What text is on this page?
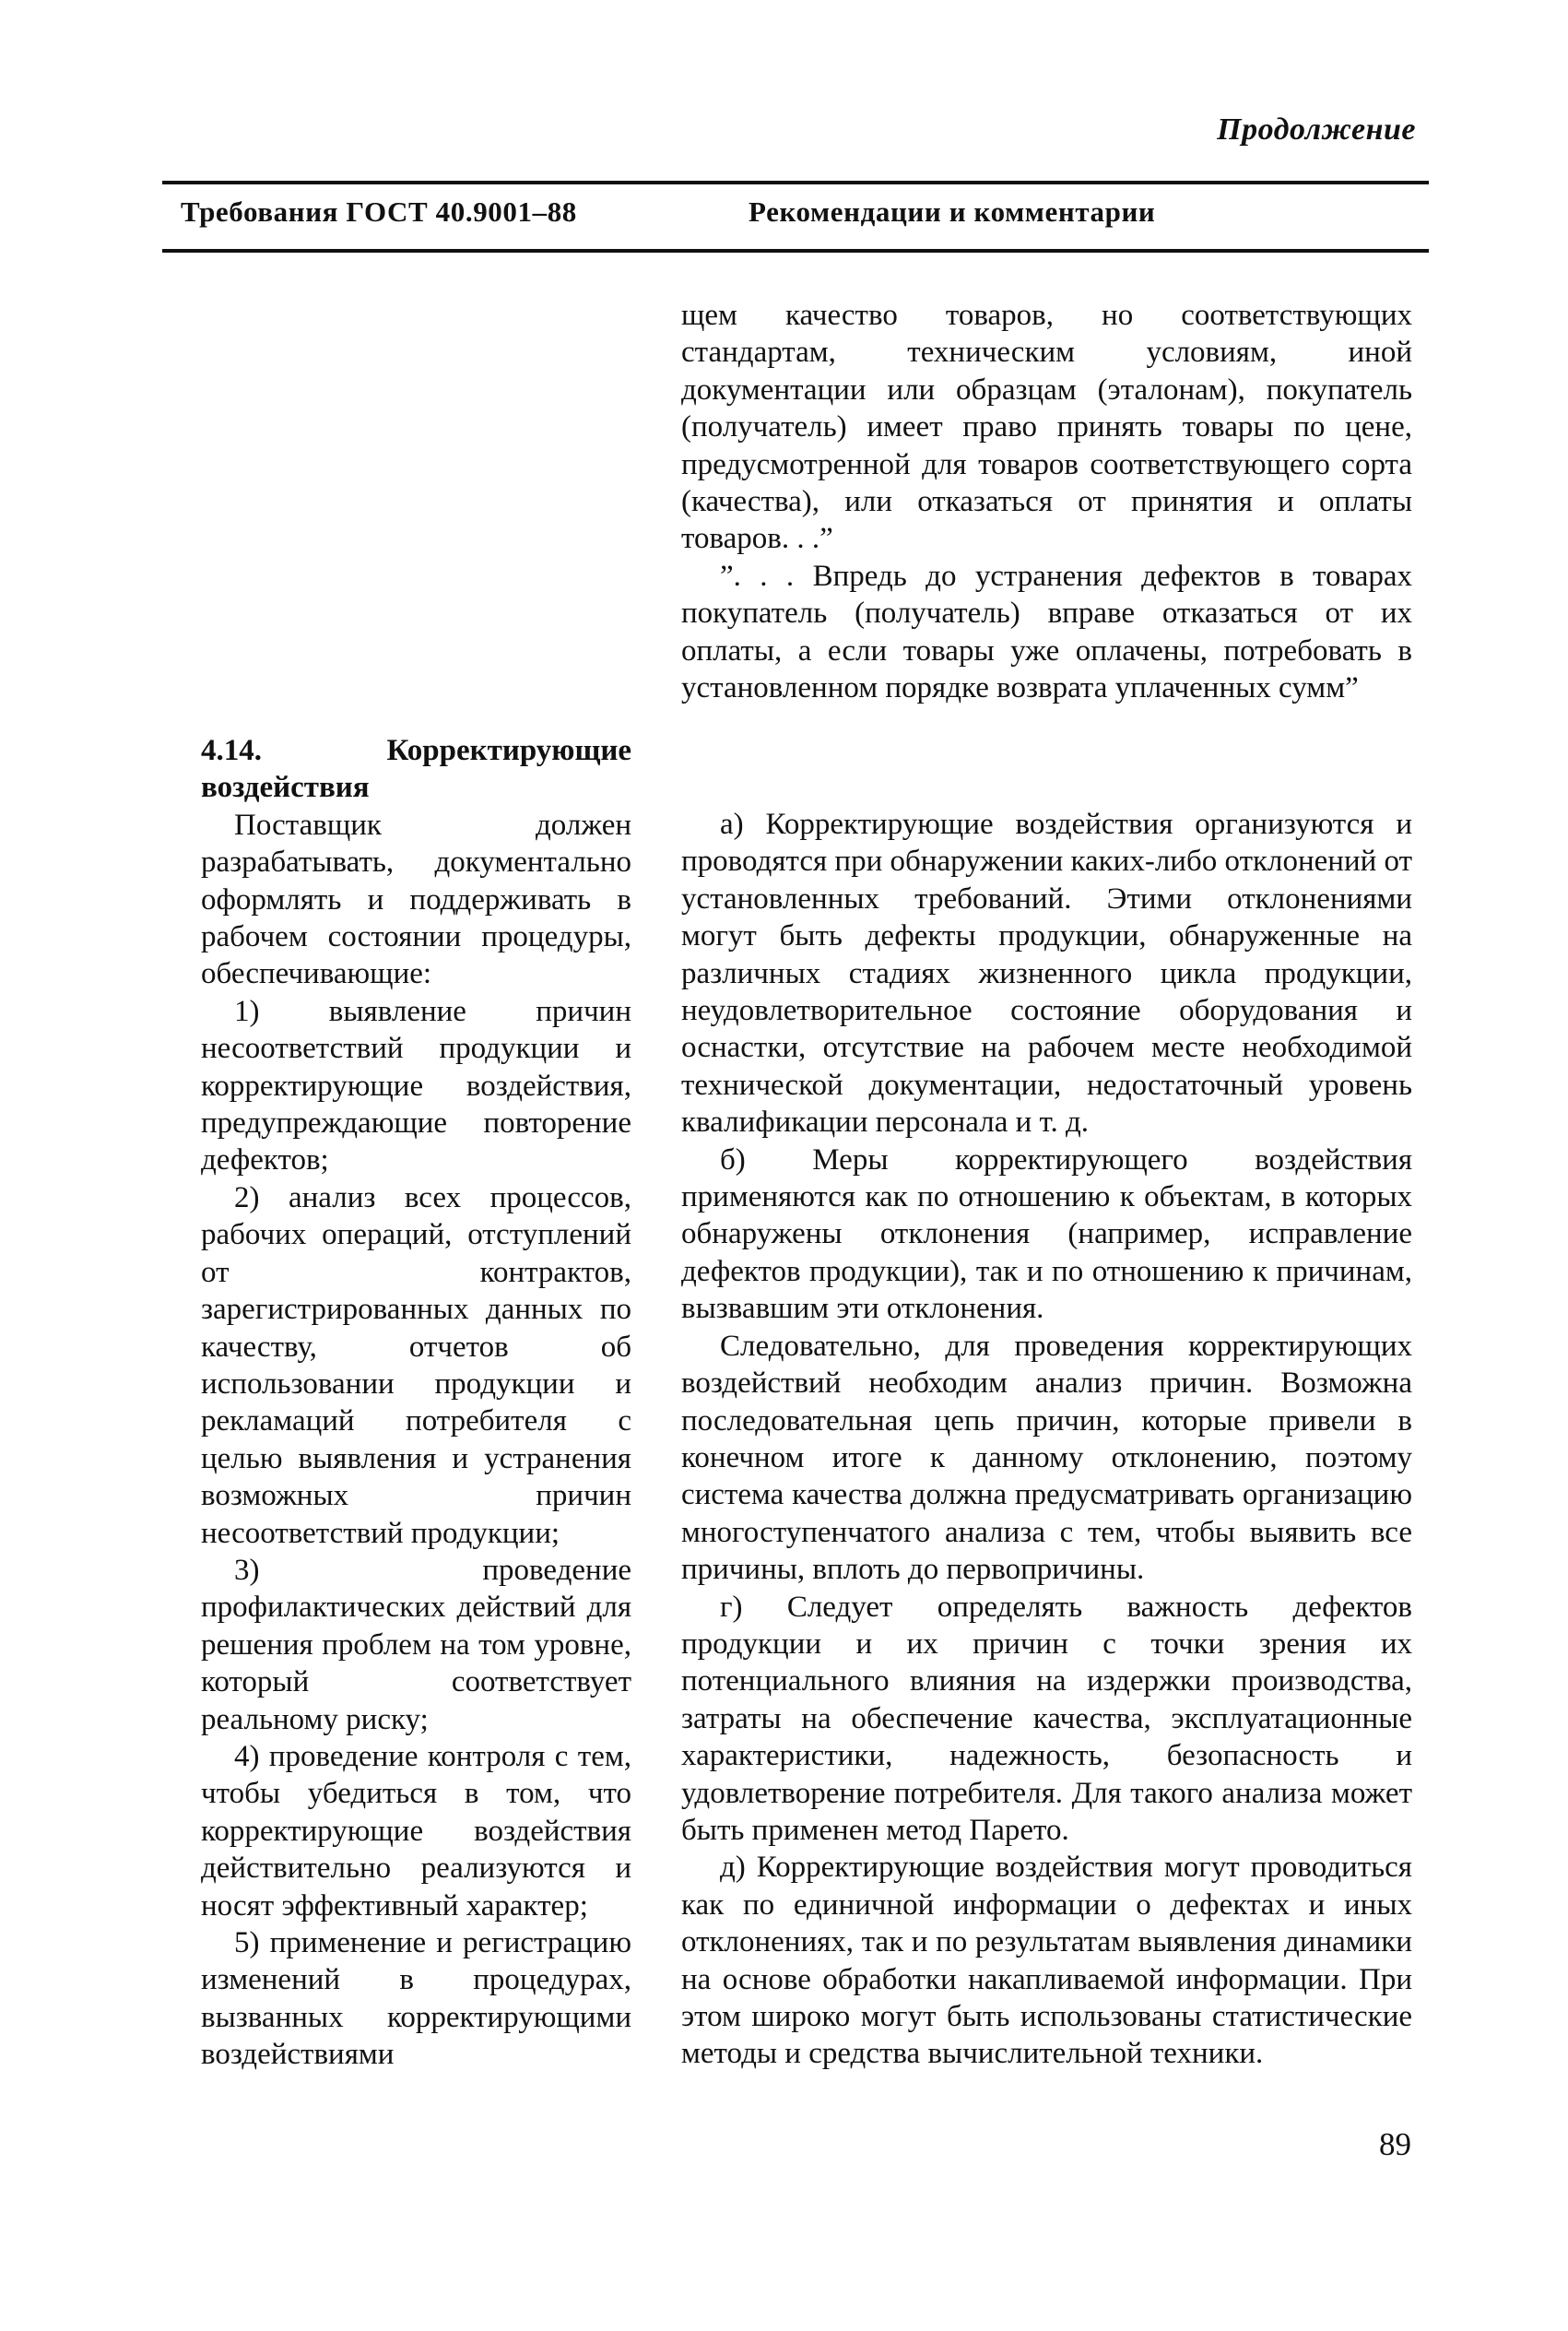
Продолжение
Требования ГОСТ 40.9001–88	Рекомендации и комментарии

щем качество товаров, но соответствующих стандартам, техническим условиям, иной документации или образцам (эталонам), покупатель (получатель) имеет право принять товары по цене, предусмотренной для товаров соответствующего сорта (качества), или отказаться от принятия и оплаты товаров. . .”

”. . . Впредь до устранения дефектов в товарах покупатель (получатель) вправе отказаться от их оплаты, а если товары уже оплачены, потребовать в установленном порядке возврата уплаченных сумм”

4.14. Корректирующие воздействия

Поставщик должен разрабатывать, документально оформлять и поддерживать в рабочем состоянии процедуры, обеспечивающие:

1) выявление причин несоответствий продукции и корректирующие воздействия, предупреждающие повторение дефектов;

2) анализ всех процессов, рабочих операций, отступлений от контрактов, зарегистрированных данных по качеству, отчетов об использовании продукции и рекламаций потребителя с целью выявления и устранения возможных причин несоответствий продукции;

3) проведение профилактических действий для решения проблем на том уровне, который соответствует реальному риску;

4) проведение контроля с тем, чтобы убедиться в том, что корректирующие воздействия действительно реализуются и носят эффективный характер;

5) применение и регистрацию изменений в процедурах, вызванных корректирующими воздействиями

а) Корректирующие воздействия организуются и проводятся при обнаружении каких-либо отклонений от установленных требований. Этими отклонениями могут быть дефекты продукции, обнаруженные на различных стадиях жизненного цикла продукции, неудовлетворительное состояние оборудования и оснастки, отсутствие на рабочем месте необходимой технической документации, недостаточный уровень квалификации персонала и т. д.

б) Меры корректирующего воздействия применяются как по отношению к объектам, в которых обнаружены отклонения (например, исправление дефектов продукции), так и по отношению к причинам, вызвавшим эти отклонения.

Следовательно, для проведения корректирующих воздействий необходим анализ причин. Возможна последовательная цепь причин, которые привели в конечном итоге к данному отклонению, поэтому система качества должна предусматривать организацию многоступенчатого анализа с тем, чтобы выявить все причины, вплоть до первопричины.

г) Следует определять важность дефектов продукции и их причин с точки зрения их потенциального влияния на издержки производства, затраты на обеспечение качества, эксплуатационные характеристики, надежность, безопасность и удовлетворение потребителя. Для такого анализа может быть применен метод Парето.

д) Корректирующие воздействия могут проводиться как по единичной информации о дефектах и иных отклонениях, так и по результатам выявления динамики на основе обработки накапливаемой информации. При этом широко могут быть использованы статистические методы и средства вычислительной техники.

89
